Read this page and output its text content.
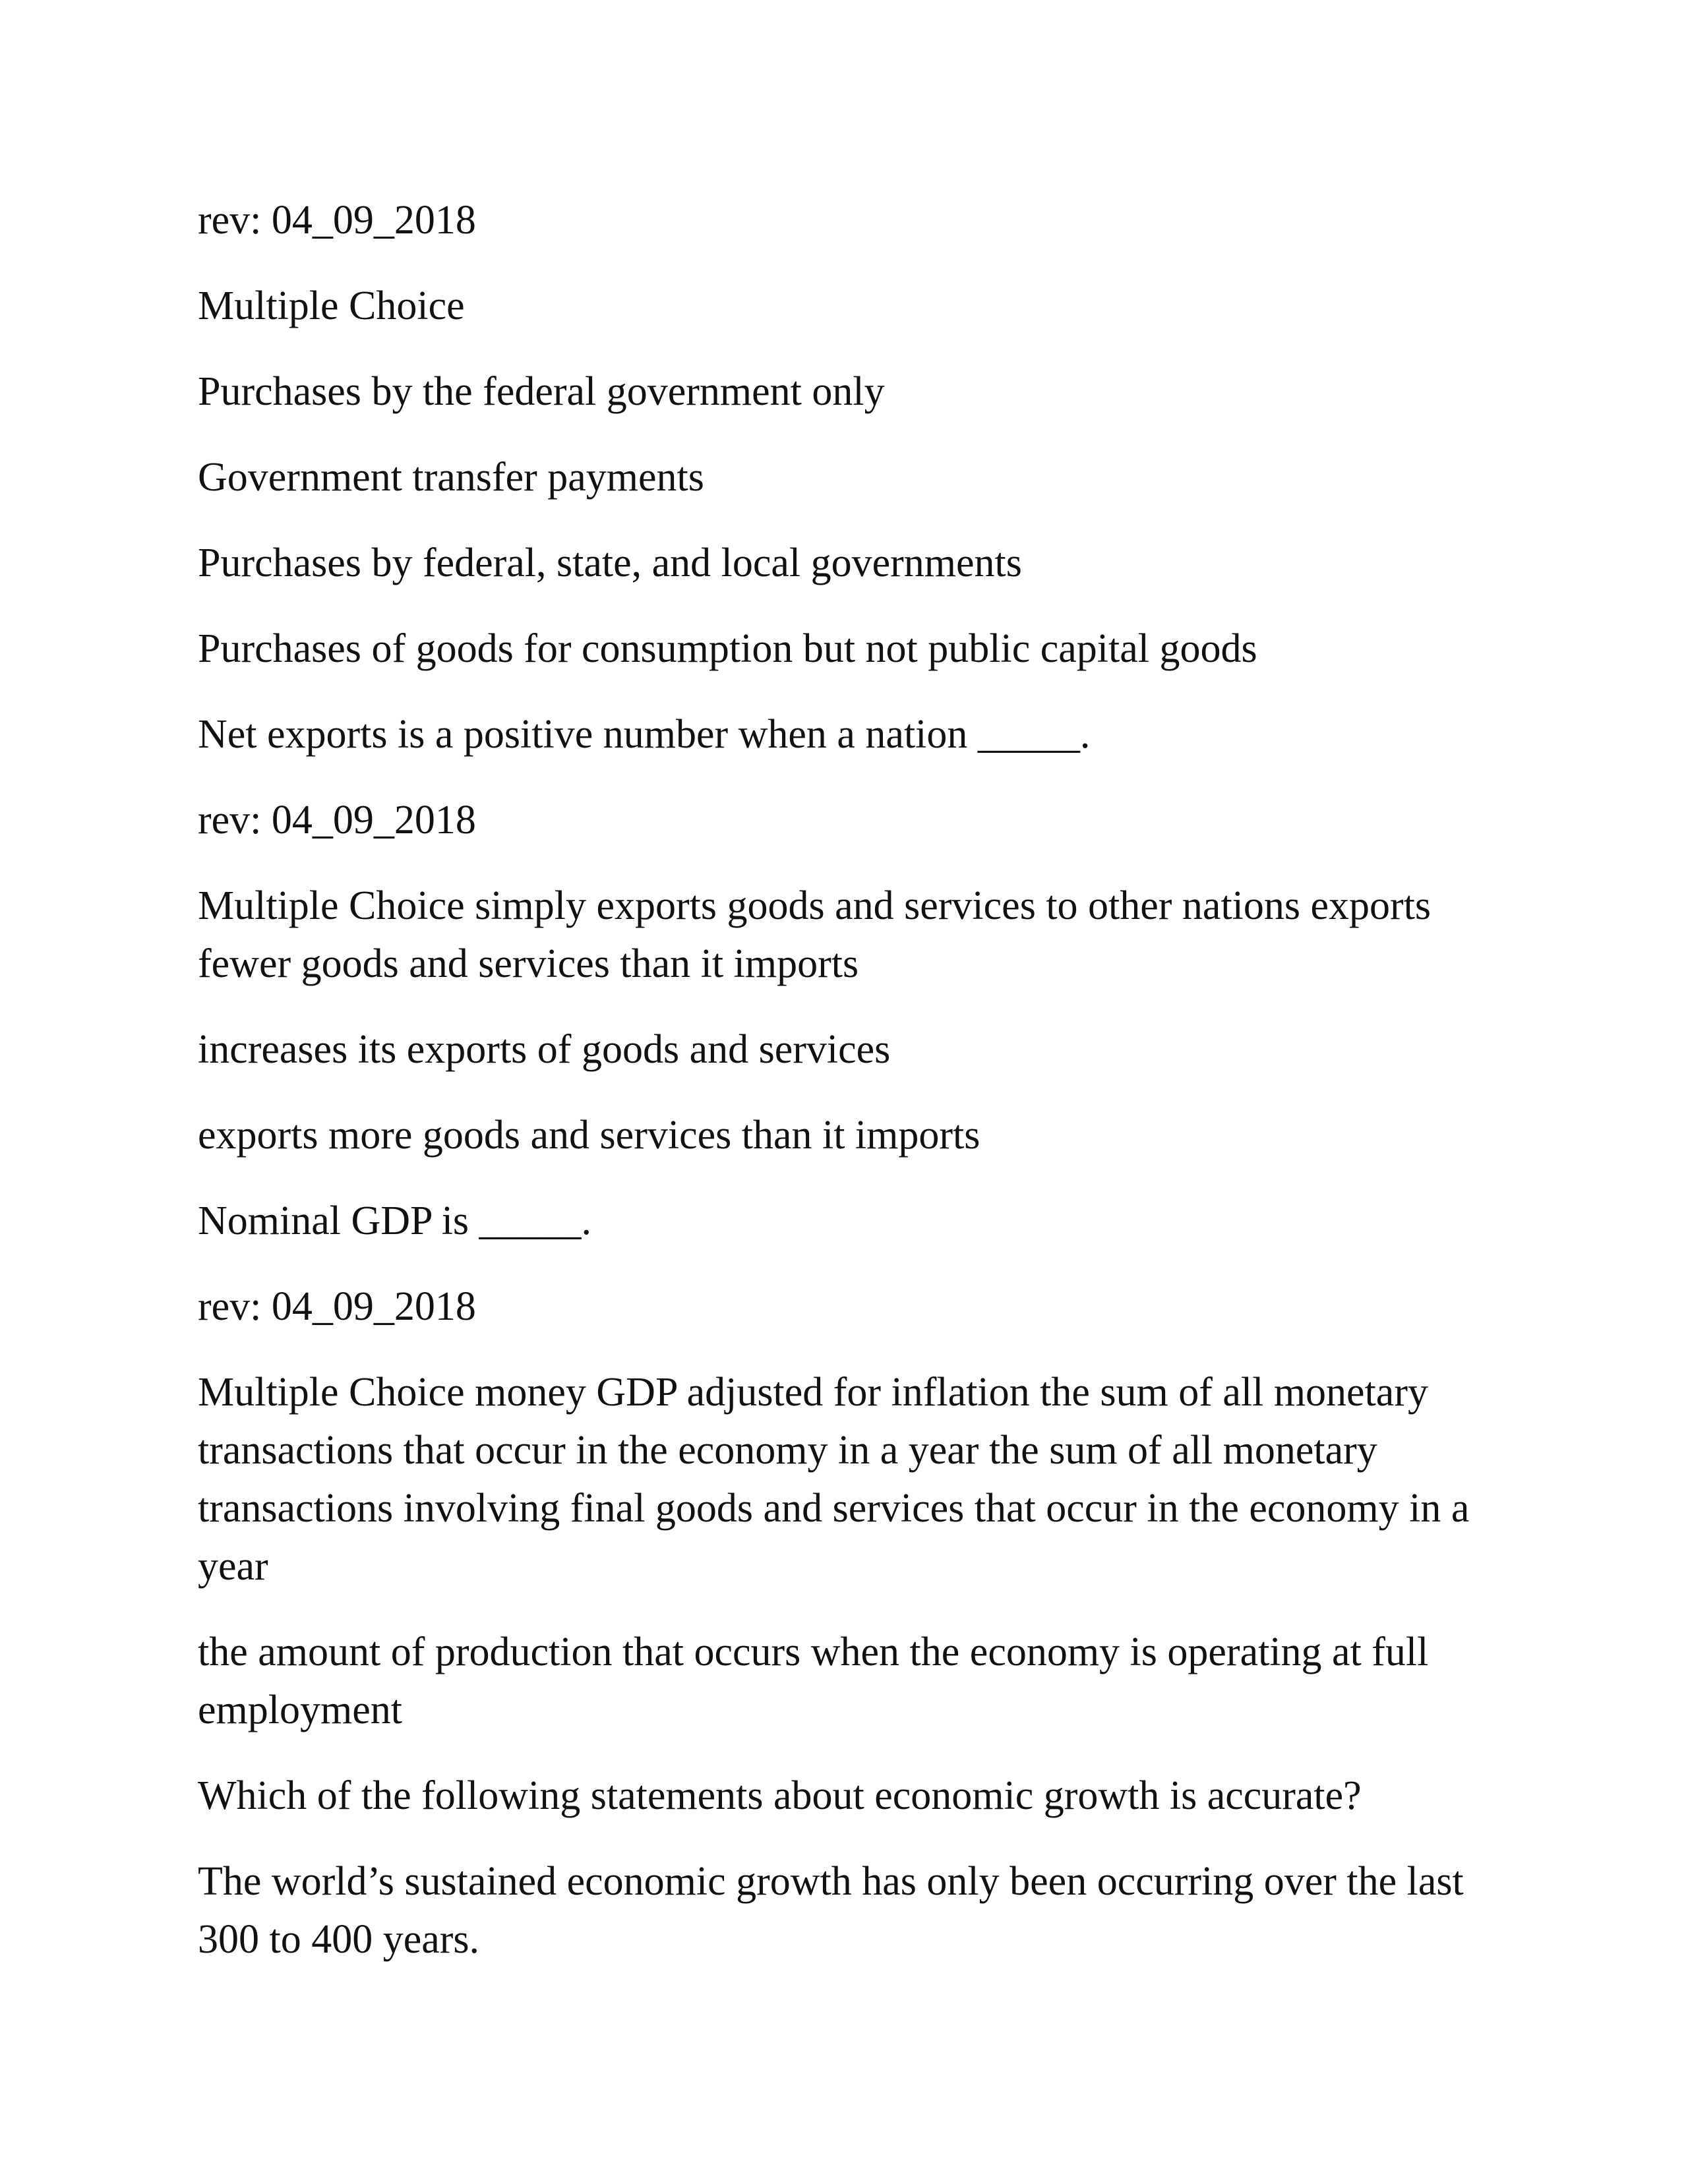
rev: 04_09_2018

Multiple Choice

Purchases by the federal government only

Government transfer payments

Purchases by federal, state, and local governments

Purchases of goods for consumption but not public capital goods

Net exports is a positive number when a nation _____.

rev: 04_09_2018

Multiple Choice simply exports goods and services to other nations exports fewer goods and services than it imports

increases its exports of goods and services

exports more goods and services than it imports

Nominal GDP is _____.

rev: 04_09_2018

Multiple Choice money GDP adjusted for inflation the sum of all monetary transactions that occur in the economy in a year the sum of all monetary transactions involving final goods and services that occur in the economy in a year

the amount of production that occurs when the economy is operating at full employment

Which of the following statements about economic growth is accurate?

The world’s sustained economic growth has only been occurring over the last 300 to 400 years.
